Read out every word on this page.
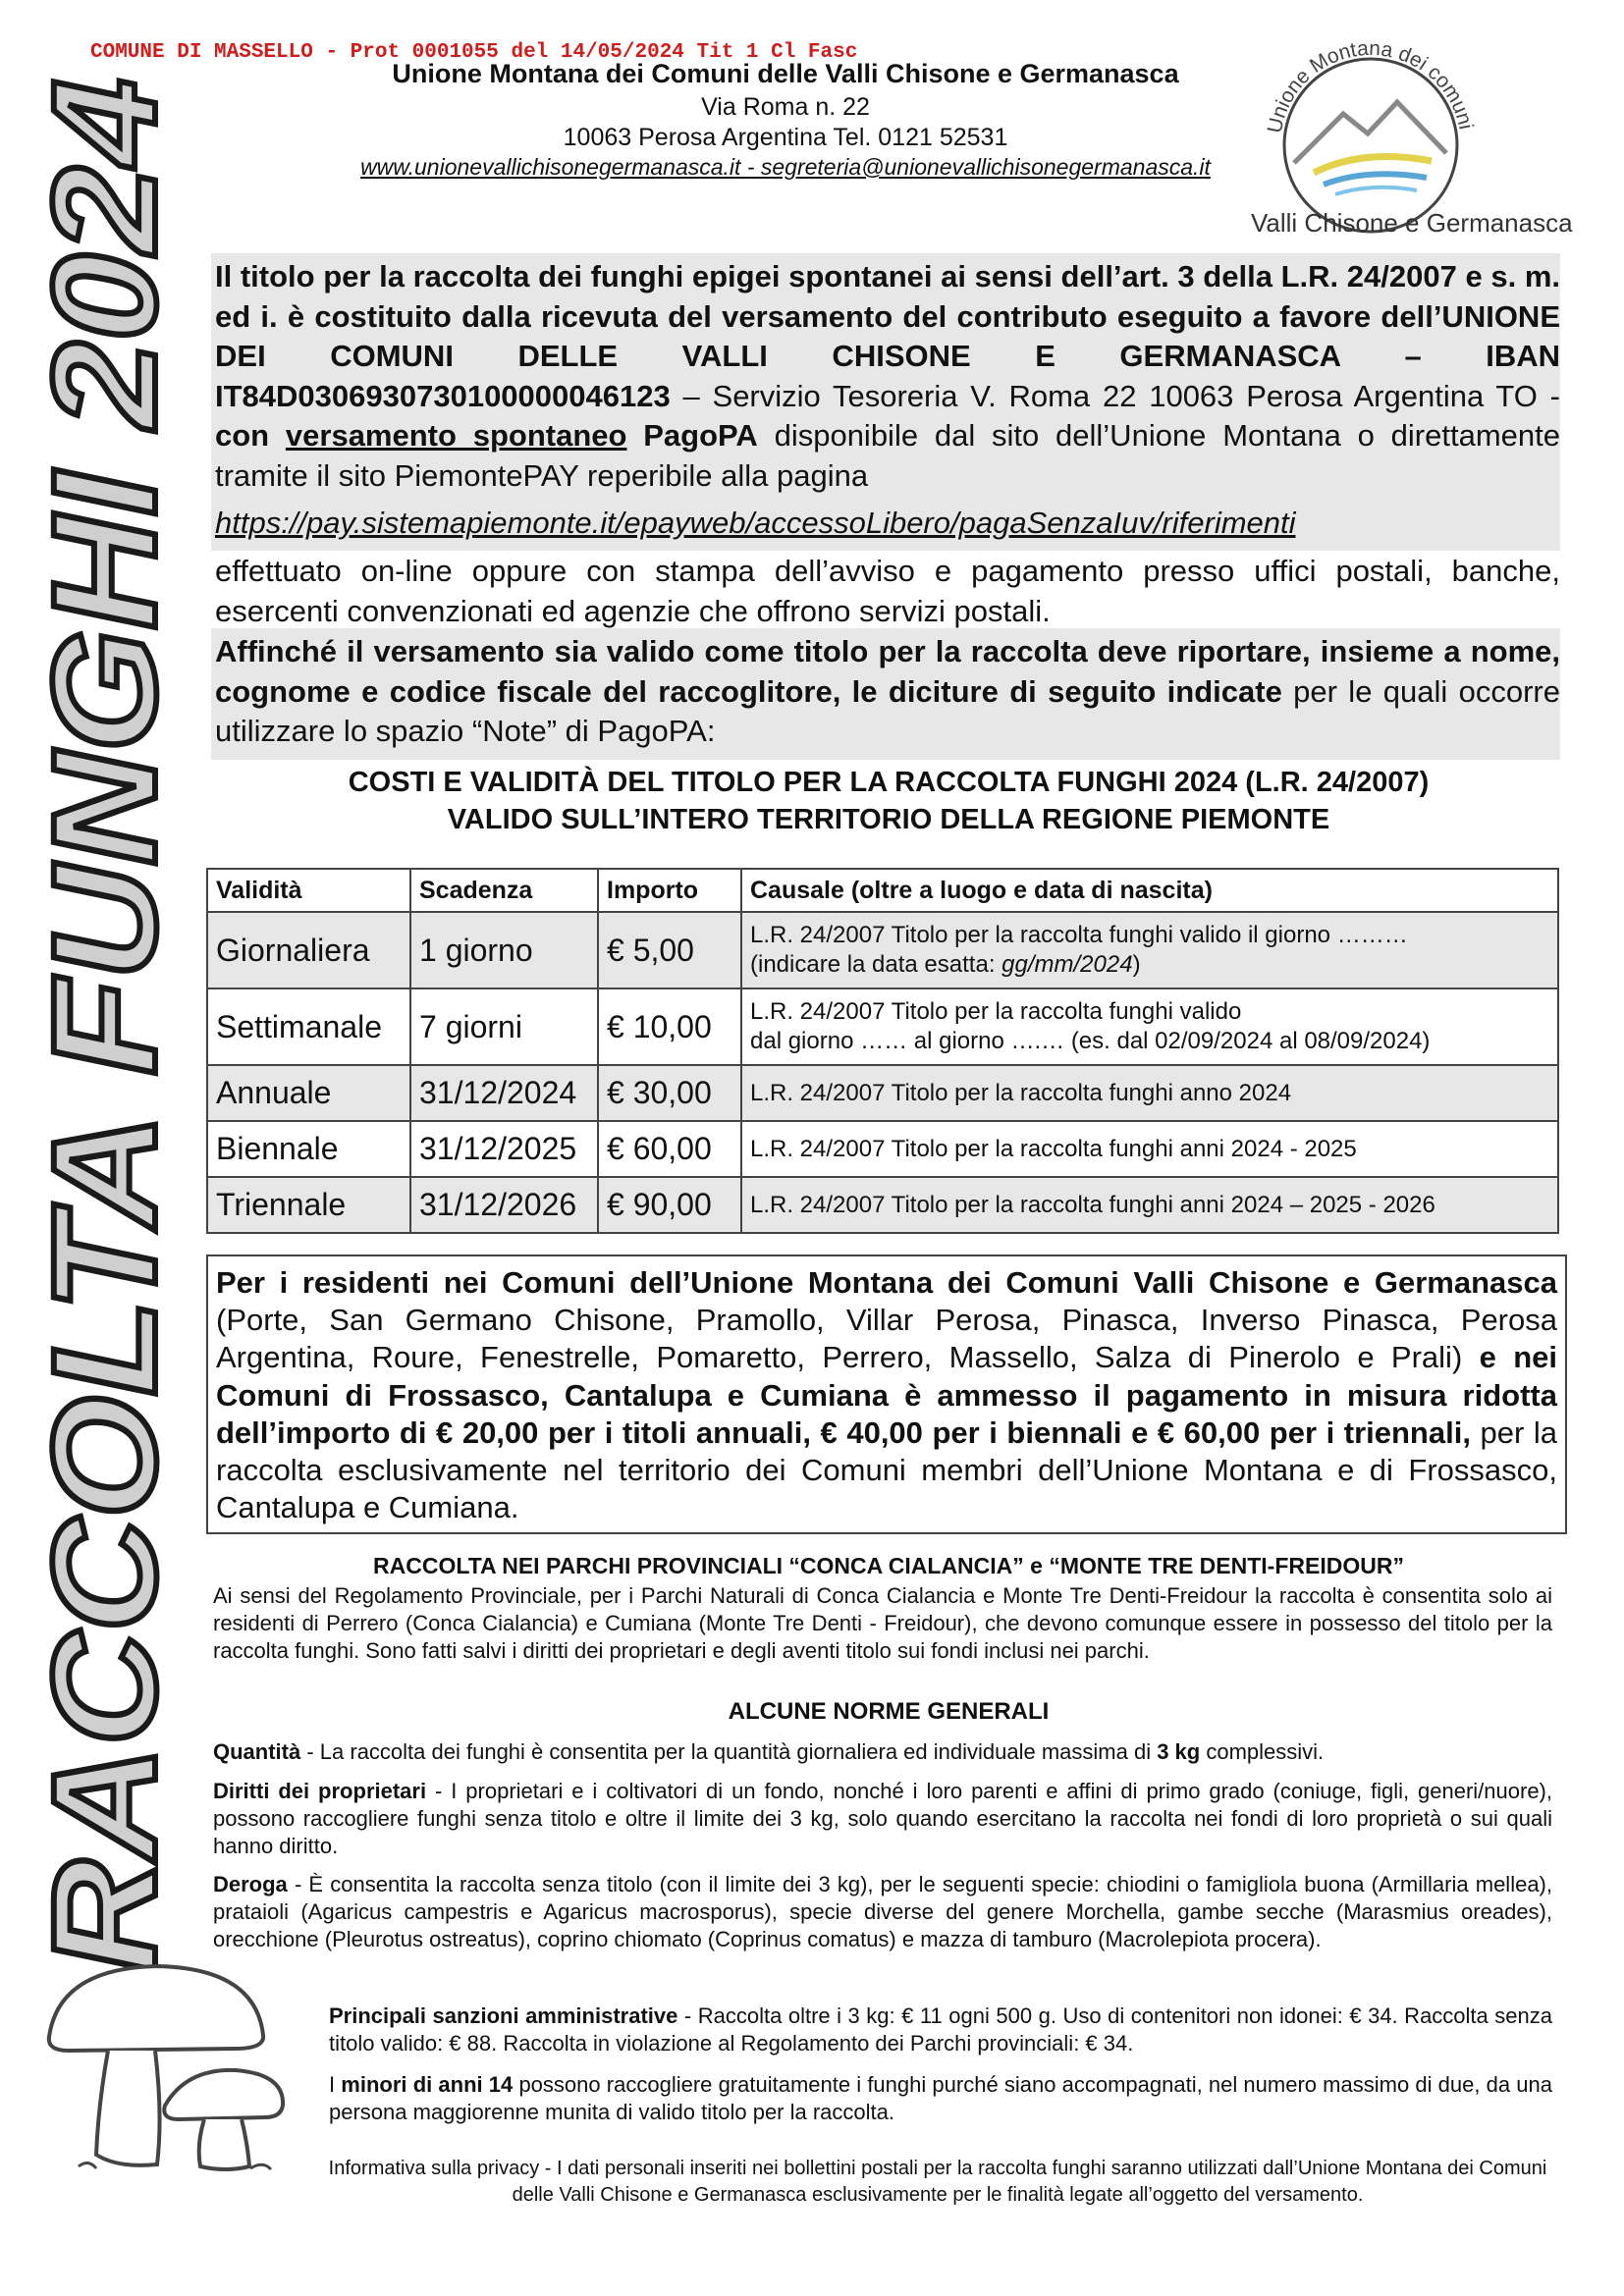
COMUNE DI MASSELLO - Prot 0001055 del 14/05/2024 Tit 1 Cl Fasc
Unione Montana dei Comuni delle Valli Chisone e Germanasca
Via Roma n. 22
10063 Perosa Argentina Tel. 0121 52531
www.unionevallichisonegermanasca.it - segreteria@unionevallichisonegermanasca.it
Unione Montana dei comuni
Valli Chisone e Germanasca
RACCOLTA FUNGHI 2024 Il titolo per la raccolta dei funghi epigei spontanei ai sensi dell’art. 3 della L.R. 24/2007 e s. m. ed i. è costituito dalla ricevuta del versamento del contributo eseguito a favore dell’UNIONE DEI COMUNI DELLE VALLI CHISONE E GERMANASCA – IBAN IT84D0306930730100000046123 – Servizio Tesoreria V. Roma 22 10063 Perosa Argentina TO - con versamento spontaneo PagoPA disponibile dal sito dell’Unione Montana o direttamente tramite il sito PiemontePAY reperibile alla pagina

https://pay.sistemapiemonte.it/epayweb/accessoLibero/pagaSenzaIuv/riferimenti

effettuato on-line oppure con stampa dell’avviso e pagamento presso uffici postali, banche, esercenti convenzionati ed agenzie che offrono servizi postali.

Affinché il versamento sia valido come titolo per la raccolta deve riportare, insieme a nome, cognome e codice fiscale del raccoglitore, le diciture di seguito indicate per le quali occorre utilizzare lo spazio “Note” di PagoPA:

COSTI E VALIDITÀ DEL TITOLO PER LA RACCOLTA FUNGHI 2024 (L.R. 24/2007)
VALIDO SULL’INTERO TERRITORIO DELLA REGIONE PIEMONTE
Validità	Scadenza	Importo	Causale (oltre a luogo e data di nascita)
Giornaliera	1 giorno	€ 5,00	L.R. 24/2007 Titolo per la raccolta funghi valido il giorno ………
(indicare la data esatta: gg/mm/2024)

Settimanale	7 giorni	€ 10,00	L.R. 24/2007 Titolo per la raccolta funghi valido
dal giorno …… al giorno ….… (es. dal 02/09/2024 al 08/09/2024)

Annuale	31/12/2024	€ 30,00	L.R. 24/2007 Titolo per la raccolta funghi anno 2024
Biennale	31/12/2025	€ 60,00	L.R. 24/2007 Titolo per la raccolta funghi anni 2024 - 2025
Triennale	31/12/2026	€ 90,00	L.R. 24/2007 Titolo per la raccolta funghi anni 2024 – 2025 - 2026
Per i residenti nei Comuni dell’Unione Montana dei Comuni Valli Chisone e Germanasca (Porte, San Germano Chisone, Pramollo, Villar Perosa, Pinasca, Inverso Pinasca, Perosa Argentina, Roure, Fenestrelle, Pomaretto, Perrero, Massello, Salza di Pinerolo e Prali) e nei Comuni di Frossasco, Cantalupa e Cumiana è ammesso il pagamento in misura ridotta dell’importo di € 20,00 per i titoli annuali, € 40,00 per i biennali e € 60,00 per i triennali, per la raccolta esclusivamente nel territorio dei Comuni membri dell’Unione Montana e di Frossasco, Cantalupa e Cumiana.
RACCOLTA NEI PARCHI PROVINCIALI “CONCA CIALANCIA” e “MONTE TRE DENTI-FREIDOUR”
Ai sensi del Regolamento Provinciale, per i Parchi Naturali di Conca Cialancia e Monte Tre Denti-Freidour la raccolta è consentita solo ai residenti di Perrero (Conca Cialancia) e Cumiana (Monte Tre Denti - Freidour), che devono comunque essere in possesso del titolo per la raccolta funghi. Sono fatti salvi i diritti dei proprietari e degli aventi titolo sui fondi inclusi nei parchi.
ALCUNE NORME GENERALI
Quantità - La raccolta dei funghi è consentita per la quantità giornaliera ed individuale massima di 3 kg complessivi.
Diritti dei proprietari - I proprietari e i coltivatori di un fondo, nonché i loro parenti e affini di primo grado (coniuge, figli, generi/nuore), possono raccogliere funghi senza titolo e oltre il limite dei 3 kg, solo quando esercitano la raccolta nei fondi di loro proprietà o sui quali hanno diritto.
Deroga - È consentita la raccolta senza titolo (con il limite dei 3 kg), per le seguenti specie: chiodini o famigliola buona (Armillaria mellea), prataioli (Agaricus campestris e Agaricus macrosporus), specie diverse del genere Morchella, gambe secche (Marasmius oreades), orecchione (Pleurotus ostreatus), coprino chiomato (Coprinus comatus) e mazza di tamburo (Macrolepiota procera).
Principali sanzioni amministrative - Raccolta oltre i 3 kg: € 11 ogni 500 g. Uso di contenitori non idonei: € 34. Raccolta senza titolo valido: € 88. Raccolta in violazione al Regolamento dei Parchi provinciali: € 34.
I minori di anni 14 possono raccogliere gratuitamente i funghi purché siano accompagnati, nel numero massimo di due, da una persona maggiorenne munita di valido titolo per la raccolta.
Informativa sulla privacy - I dati personali inseriti nei bollettini postali per la raccolta funghi saranno utilizzati dall’Unione Montana dei Comuni delle Valli Chisone e Germanasca esclusivamente per le finalità legate all’oggetto del versamento.
